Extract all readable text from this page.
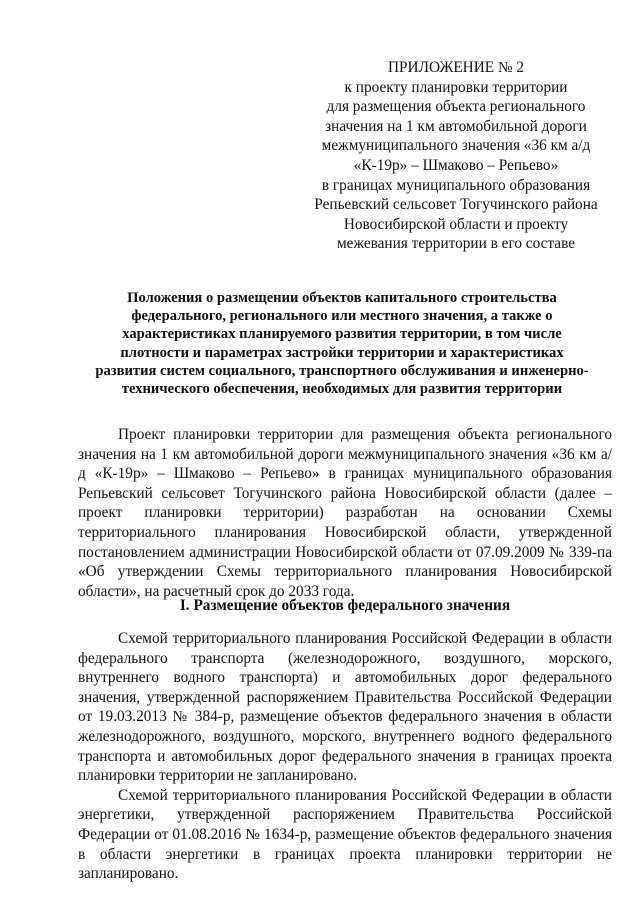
ПРИЛОЖЕНИЕ № 2
к проекту планировки территории
для размещения объекта регионального
значения на 1 км автомобильной дороги
межмуниципального значения «36 км а/д
«К-19р» – Шмаково – Репьево»
в границах муниципального образования
Репьевский сельсовет Тогучинского района
Новосибирской области и проекту
межевания территории в его составе
Положения о размещении объектов капитального строительства федерального, регионального или местного значения, а также о характеристиках планируемого развития территории, в том числе плотности и параметрах застройки территории и характеристиках развития систем социального, транспортного обслуживания и инженерно-технического обеспечения, необходимых для развития территории

Проект планировки территории для размещения объекта регионального значения на 1 км автомобильной дороги межмуниципального значения «36 км а/д «К-19р» – Шмаково – Репьево» в границах муниципального образования Репьевский сельсовет Тогучинского района Новосибирской области (далее – проект планировки территории) разработан на основании Схемы территориального планирования Новосибирской области, утвержденной постановлением администрации Новосибирской области от 07.09.2009 № 339-па «Об утверждении Схемы территориального планирования Новосибирской области», на расчетный срок до 2033 года.

I. Размещение объектов федерального значения

Схемой территориального планирования Российской Федерации в области федерального транспорта (железнодорожного, воздушного, морского, внутреннего водного транспорта) и автомобильных дорог федерального значения, утвержденной распоряжением Правительства Российской Федерации от 19.03.2013 № 384-р, размещение объектов федерального значения в области железнодорожного, воздушного, морского, внутреннего водного федерального транспорта и автомобильных дорог федерального значения в границах проекта планировки территории не запланировано.

Схемой территориального планирования Российской Федерации в области энергетики, утвержденной распоряжением Правительства Российской Федерации от 01.08.2016 № 1634-р, размещение объектов федерального значения в области энергетики в границах проекта планировки территории не запланировано.
